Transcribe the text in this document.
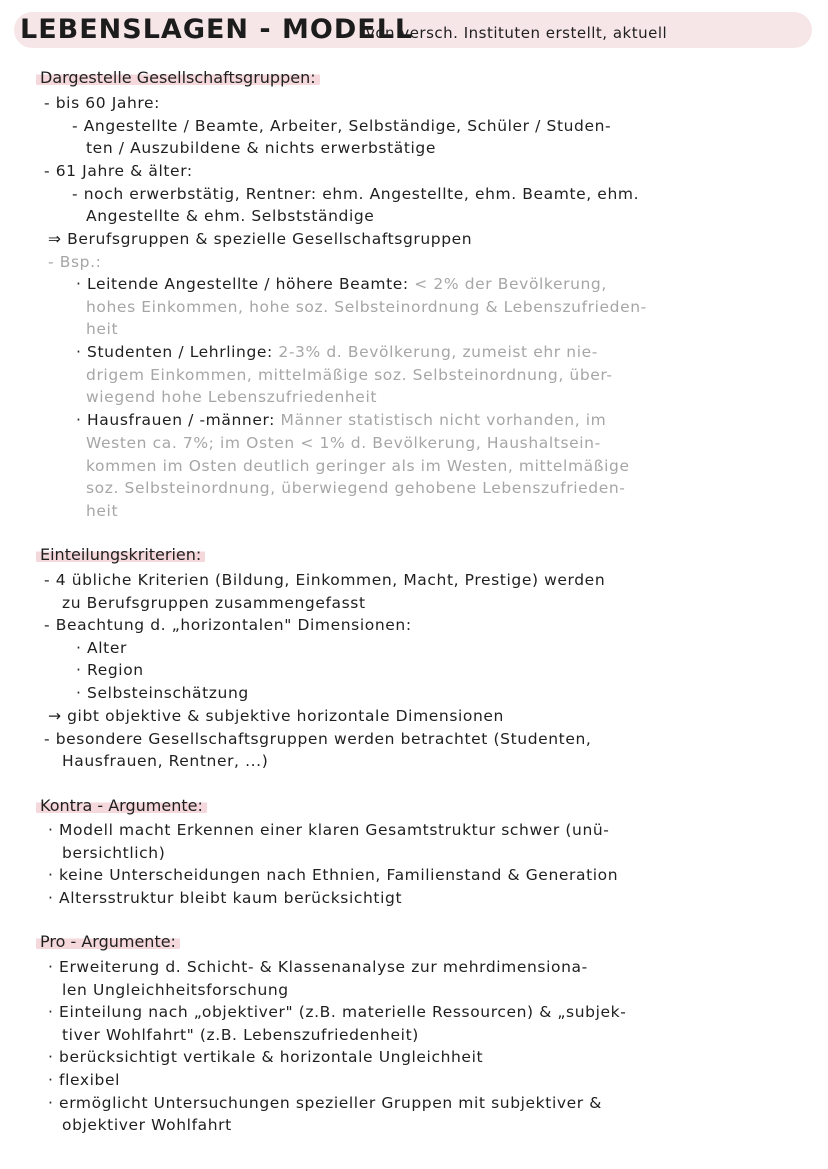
LEBENSLAGEN - MODELL
von versch. Instituten erstellt, aktuell
Dargestelle Gesellschaftsgruppen:
- bis 60 Jahre:
- Angestellte / Beamte, Arbeiter, Selbständige, Schüler / Studen-
ten / Auszubildene & nichts erwerbstätige
- 61 Jahre & älter:
- noch erwerbstätig, Rentner: ehm. Angestellte, ehm. Beamte, ehm.
Angestellte & ehm. Selbstständige
⇒ Berufsgruppen & spezielle Gesellschaftsgruppen
- Bsp.:
· Leitende Angestellte / höhere Beamte: < 2% der Bevölkerung,
hohes Einkommen, hohe soz. Selbsteinordnung & Lebenszufrieden-
heit
· Studenten / Lehrlinge: 2-3% d. Bevölkerung, zumeist ehr nie-
drigem Einkommen, mittelmäßige soz. Selbsteinordnung, über-
wiegend hohe Lebenszufriedenheit
· Hausfrauen / -männer: Männer statistisch nicht vorhanden, im
Westen ca. 7%; im Osten < 1% d. Bevölkerung, Haushaltsein-
kommen im Osten deutlich geringer als im Westen, mittelmäßige
soz. Selbsteinordnung, überwiegend gehobene Lebenszufrieden-
heit
Einteilungskriterien:
- 4 übliche Kriterien (Bildung, Einkommen, Macht, Prestige) werden
zu Berufsgruppen zusammengefasst
- Beachtung d. „horizontalen" Dimensionen:
· Alter
· Region
· Selbsteinschätzung
→ gibt objektive & subjektive horizontale Dimensionen
- besondere Gesellschaftsgruppen werden betrachtet (Studenten,
Hausfrauen, Rentner, ...)
Kontra - Argumente:
· Modell macht Erkennen einer klaren Gesamtstruktur schwer (unü-
bersichtlich)
· keine Unterscheidungen nach Ethnien, Familienstand & Generation
· Altersstruktur bleibt kaum berücksichtigt
Pro - Argumente:
· Erweiterung d. Schicht- & Klassenanalyse zur mehrdimensiona-
len Ungleichheitsforschung
· Einteilung nach „objektiver" (z.B. materielle Ressourcen) & „subjek-
tiver Wohlfahrt" (z.B. Lebenszufriedenheit)
· berücksichtigt vertikale & horizontale Ungleichheit
· flexibel
· ermöglicht Untersuchungen spezieller Gruppen mit subjektiver &
objektiver Wohlfahrt
